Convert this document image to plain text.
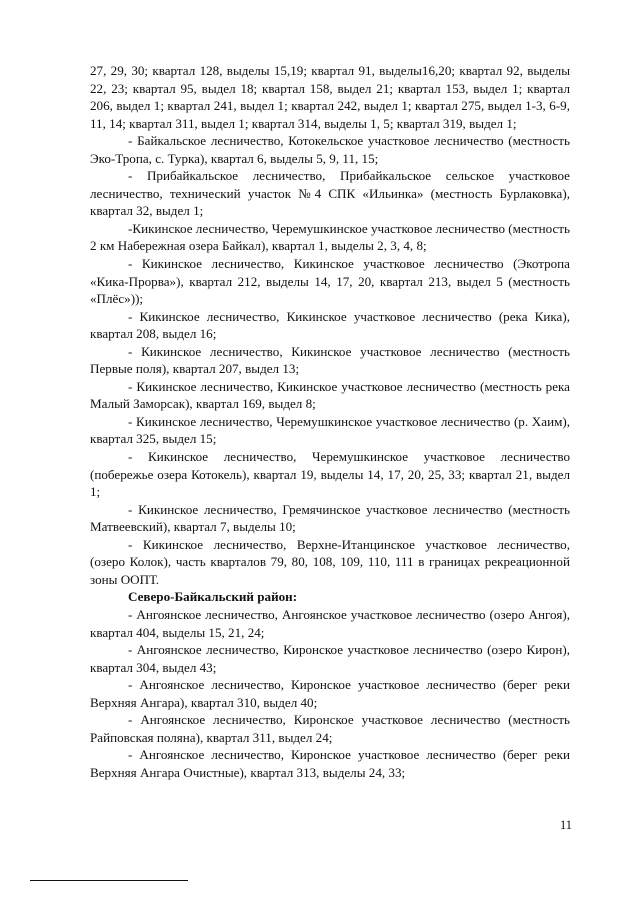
27, 29, 30; квартал 128, выделы 15,19; квартал 91, выделы16,20; квартал 92, выделы 22, 23; квартал 95, выдел 18; квартал 158, выдел 21; квартал 153, выдел 1; квартал 206, выдел 1; квартал 241, выдел 1; квартал 242, выдел 1; квартал 275, выдел 1-3, 6-9, 11, 14; квартал 311, выдел 1; квартал 314, выделы 1, 5; квартал 319, выдел 1;

- Байкальское лесничество, Котокельское участковое лесничество (местность Эко-Тропа, с. Турка), квартал 6, выделы 5, 9, 11, 15;

- Прибайкальское лесничество, Прибайкальское сельское участковое лесничество, технический участок №4 СПК «Ильинка» (местность Бурлаковка), квартал 32, выдел 1;

-Кикинское лесничество, Черемушкинское участковое лесничество (местность 2 км Набережная озера Байкал), квартал 1, выделы 2, 3, 4, 8;

- Кикинское лесничество, Кикинское участковое лесничество (Экотропа «Кика-Прорва»), квартал 212, выделы 14, 17, 20, квартал 213, выдел 5 (местность «Плёс»));

- Кикинское лесничество, Кикинское участковое лесничество (река Кика), квартал 208, выдел 16;

- Кикинское лесничество, Кикинское участковое лесничество (местность Первые поля), квартал 207, выдел 13;

- Кикинское лесничество, Кикинское участковое лесничество (местность река Малый Заморсак), квартал 169, выдел 8;

- Кикинское лесничество, Черемушкинское участковое лесничество (р. Хаим), квартал 325, выдел 15;

- Кикинское лесничество, Черемушкинское участковое лесничество (побережье озера Котокель), квартал 19, выделы 14, 17, 20, 25, 33; квартал 21, выдел 1;

- Кикинское лесничество, Гремячинское участковое лесничество (местность Матвеевский), квартал 7, выделы 10;

- Кикинское лесничество, Верхне-Итанцинское участковое лесничество, (озеро Колок), часть кварталов 79, 80, 108, 109, 110, 111 в границах рекреационной зоны ООПТ.

Северо-Байкальский район:

- Ангоянское лесничество, Ангоянское участковое лесничество (озеро Ангоя), квартал 404, выделы 15, 21, 24;

- Ангоянское лесничество, Киронское участковое лесничество (озеро Кирон), квартал 304, выдел 43;

- Ангоянское лесничество, Киронское участковое лесничество (берег реки Верхняя Ангара), квартал 310, выдел 40;

- Ангоянское лесничество, Киронское участковое лесничество (местность Райповская поляна), квартал 311, выдел 24;

- Ангоянское лесничество, Киронское участковое лесничество (берег реки Верхняя Ангара Очистные), квартал 313, выделы 24, 33;

11
